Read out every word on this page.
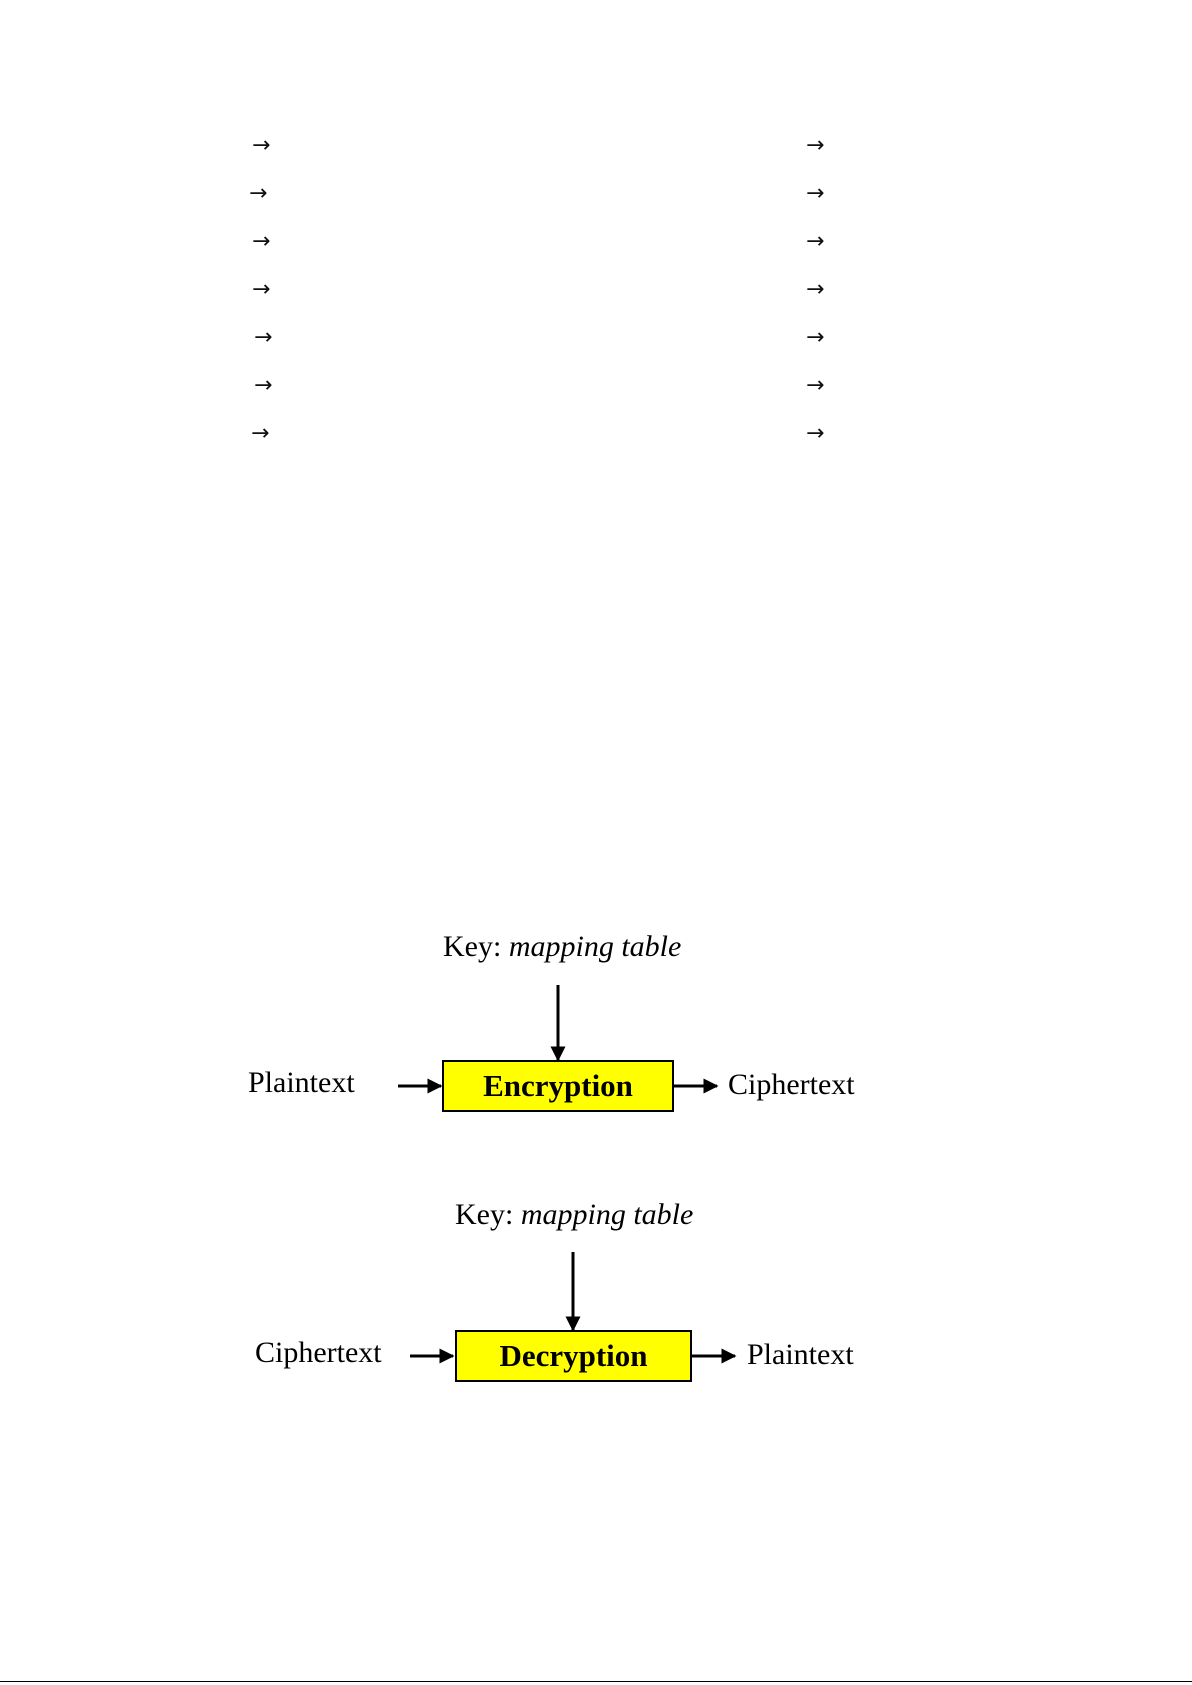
→	→
→	→
→	→
→	→
→	→
→	→
→	→
Key: mapping table
Plaintext	Encryption	Ciphertext
Key: mapping table
Ciphertext	Decryption	Plaintext
